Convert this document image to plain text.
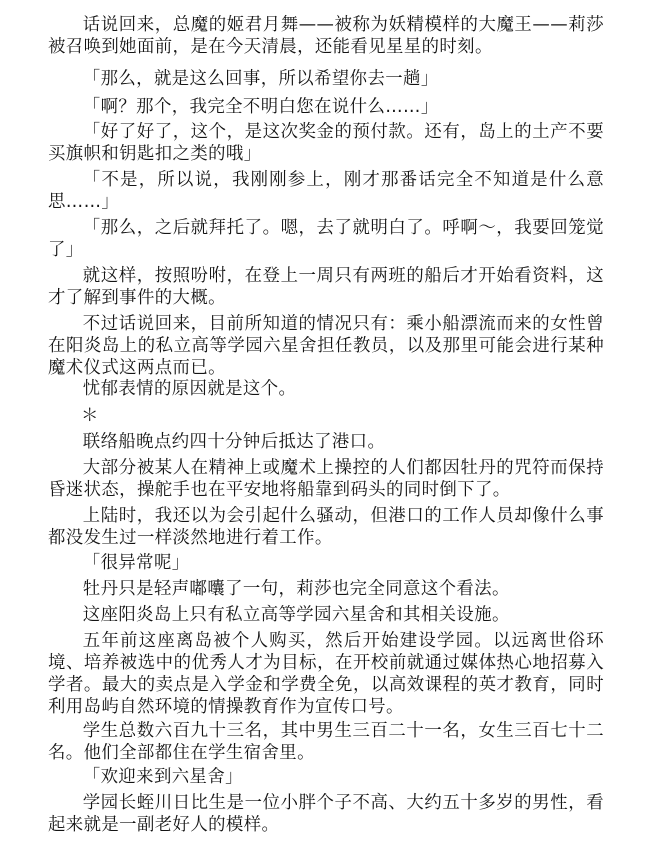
话说回来，总魔的姬君月舞——被称为妖精模样的大魔王——莉莎被召唤到她面前，是在今天清晨，还能看见星星的时刻。

「那么，就是这么回事，所以希望你去一趟」

「啊？那个，我完全不明白您在说什么……」

「好了好了，这个，是这次奖金的预付款。还有，岛上的土产不要买旗帜和钥匙扣之类的哦」

「不是，所以说，我刚刚参上，刚才那番话完全不知道是什么意思……」

「那么，之后就拜托了。嗯，去了就明白了。呼啊～，我要回笼觉了」

就这样，按照吩咐，在登上一周只有两班的船后才开始看资料，这才了解到事件的大概。

不过话说回来，目前所知道的情况只有：乘小船漂流而来的女性曾在阳炎岛上的私立高等学园六星舍担任教员，以及那里可能会进行某种魔术仪式这两点而已。

忧郁表情的原因就是这个。

＊

联络船晚点约四十分钟后抵达了港口。

大部分被某人在精神上或魔术上操控的人们都因牡丹的咒符而保持昏迷状态，操舵手也在平安地将船靠到码头的同时倒下了。

上陆时，我还以为会引起什么骚动，但港口的工作人员却像什么事都没发生过一样淡然地进行着工作。

「很异常呢」

牡丹只是轻声嘟囔了一句，莉莎也完全同意这个看法。

这座阳炎岛上只有私立高等学园六星舍和其相关设施。

五年前这座离岛被个人购买，然后开始建设学园。以远离世俗环境、培养被选中的优秀人才为目标，在开校前就通过媒体热心地招募入学者。最大的卖点是入学金和学费全免，以高效课程的英才教育，同时利用岛屿自然环境的情操教育作为宣传口号。

学生总数六百九十三名，其中男生三百二十一名，女生三百七十二名。他们全部都住在学生宿舍里。

「欢迎来到六星舍」

学园长蛭川日比生是一位小胖个子不高、大约五十多岁的男性，看起来就是一副老好人的模样。
